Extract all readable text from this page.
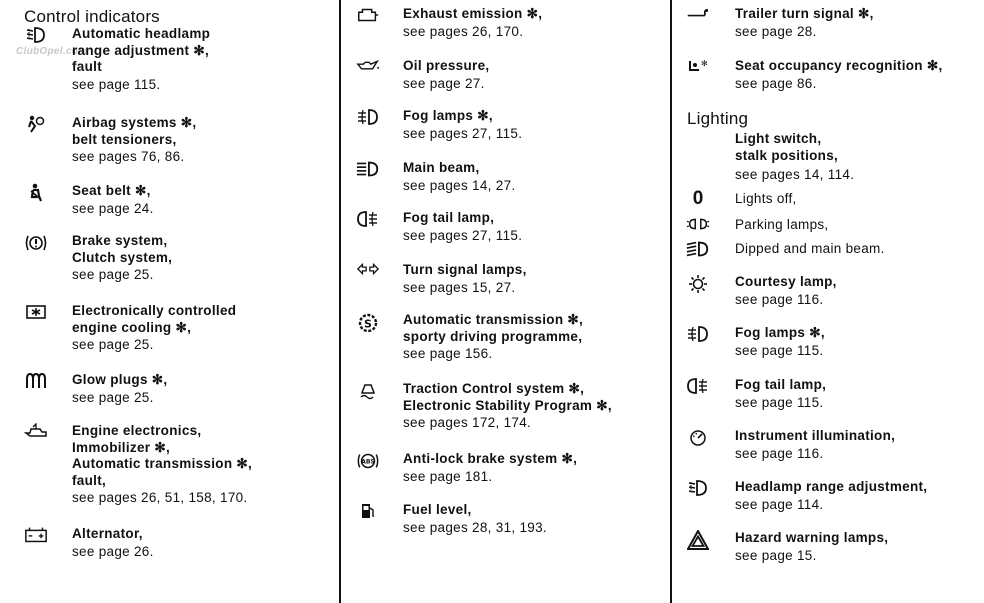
ClubOpel.com
Control indicators
Automatic headlamp
range adjustment ✻,
fault
see page 115.
Airbag systems ✻,
belt tensioners,
see pages 76, 86.
Seat belt ✻,
see page 24.
Brake system,
Clutch system,
see page 25.
Electronically controlled
engine cooling ✻,
see page 25.
Glow plugs ✻,
see page 25.
Engine electronics,
Immobilizer ✻,
Automatic transmission ✻,
fault,
see pages 26, 51, 158, 170.
Alternator,
see page 26.
Exhaust emission ✻,
see pages 26, 170.
Oil pressure,
see page 27.
Fog lamps ✻,
see pages 27, 115.
Main beam,
see pages 14, 27.
Fog tail lamp,
see pages 27, 115.
Turn signal lamps,
see pages 15, 27.
S Automatic transmission ✻,
sporty driving programme,
see page 156.
Traction Control system ✻,
Electronic Stability Program ✻,
see pages 172, 174.
ABS Anti-lock brake system ✻,
see page 181.
Fuel level,
see pages 28, 31, 193.
Lighting
Trailer turn signal ✻,
see page 28.
✻ Seat occupancy recognition ✻,
see page 86.
Light switch,
stalk positions,
see pages 14, 114.
0	Lights off,
Parking lamps,
Dipped and main beam.
Courtesy lamp,
see page 116.
Fog lamps ✻,
see page 115.
Fog tail lamp,
see page 115.
Instrument illumination,
see page 116.
Headlamp range adjustment,
see page 114.
Hazard warning lamps,
see page 15.
